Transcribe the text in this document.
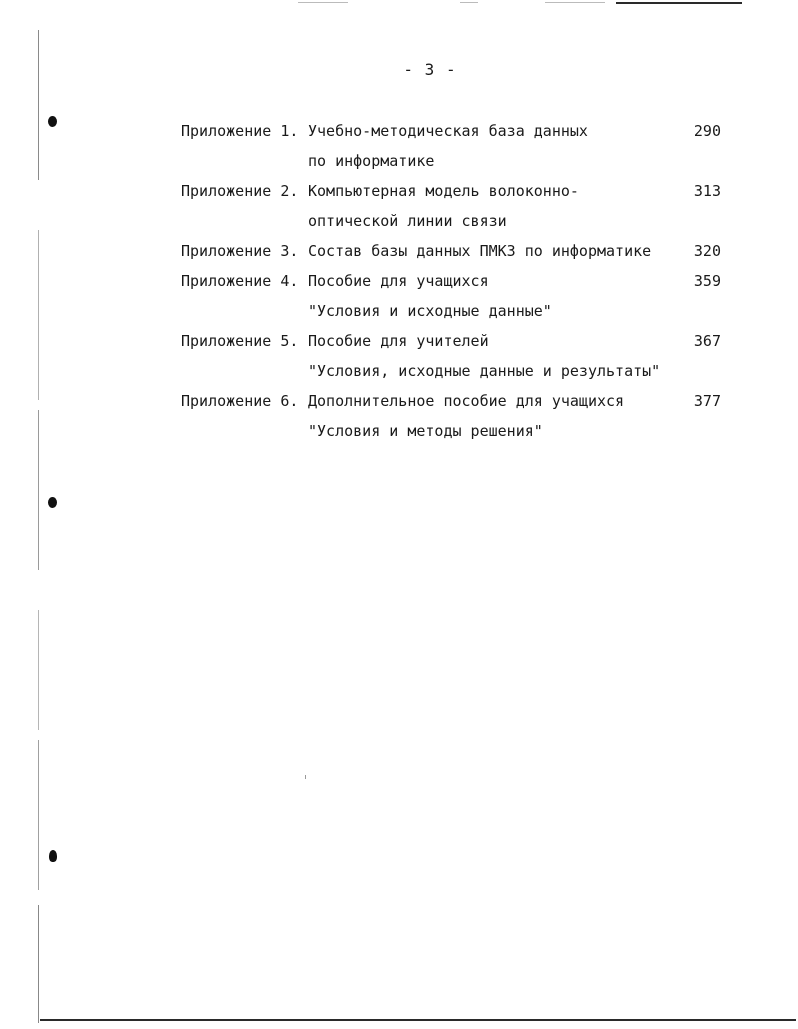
- 3 -
Приложение 1. Учебно-методическая база данных	290
по информатике
Приложение 2. Компьютерная модель волоконно-	313
оптической линии связи
Приложение 3. Состав базы данных ПМКЗ по информатике	320
Приложение 4. Пособие для учащихся	359
"Условия и исходные данные"
Приложение 5. Пособие для учителей	367
"Условия, исходные данные и результаты"
Приложение 6. Дополнительное пособие для учащихся	377
"Условия и методы решения"
